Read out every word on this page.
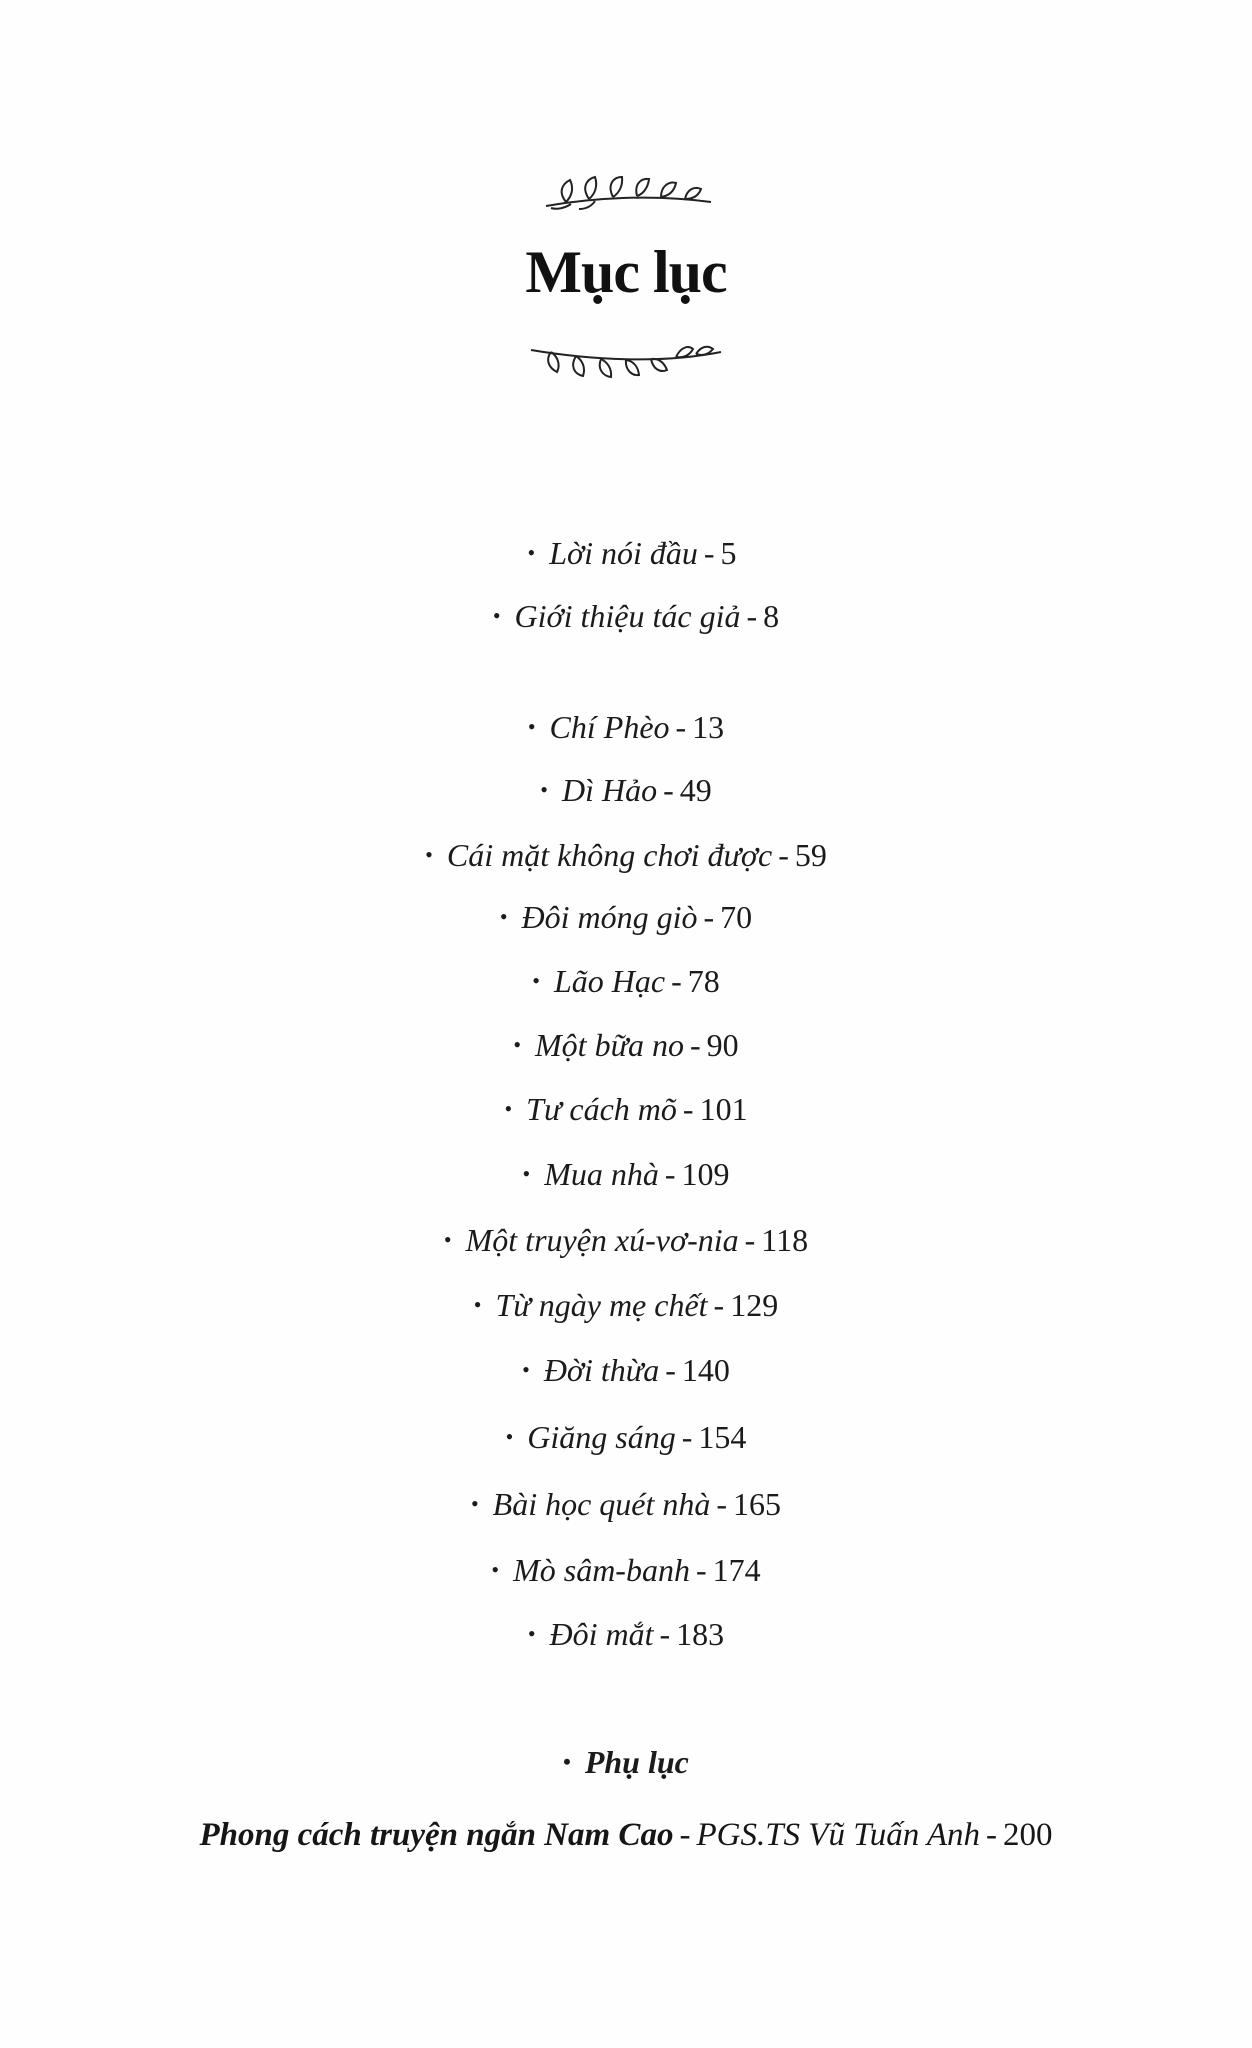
Mục lục
• Lời nói đầu - 5
• Giới thiệu tác giả - 8
• Chí Phèo - 13
• Dì Hảo - 49
• Cái mặt không chơi được - 59
• Đôi móng giò - 70
• Lão Hạc - 78
• Một bữa no - 90
• Tư cách mõ - 101
• Mua nhà - 109
• Một truyện xú-vơ-nia - 118
• Từ ngày mẹ chết - 129
• Đời thừa - 140
• Giăng sáng - 154
• Bài học quét nhà - 165
• Mò sâm-banh - 174
• Đôi mắt - 183
• Phụ lục
Phong cách truyện ngắn Nam Cao - PGS.TS Vũ Tuấn Anh - 200
